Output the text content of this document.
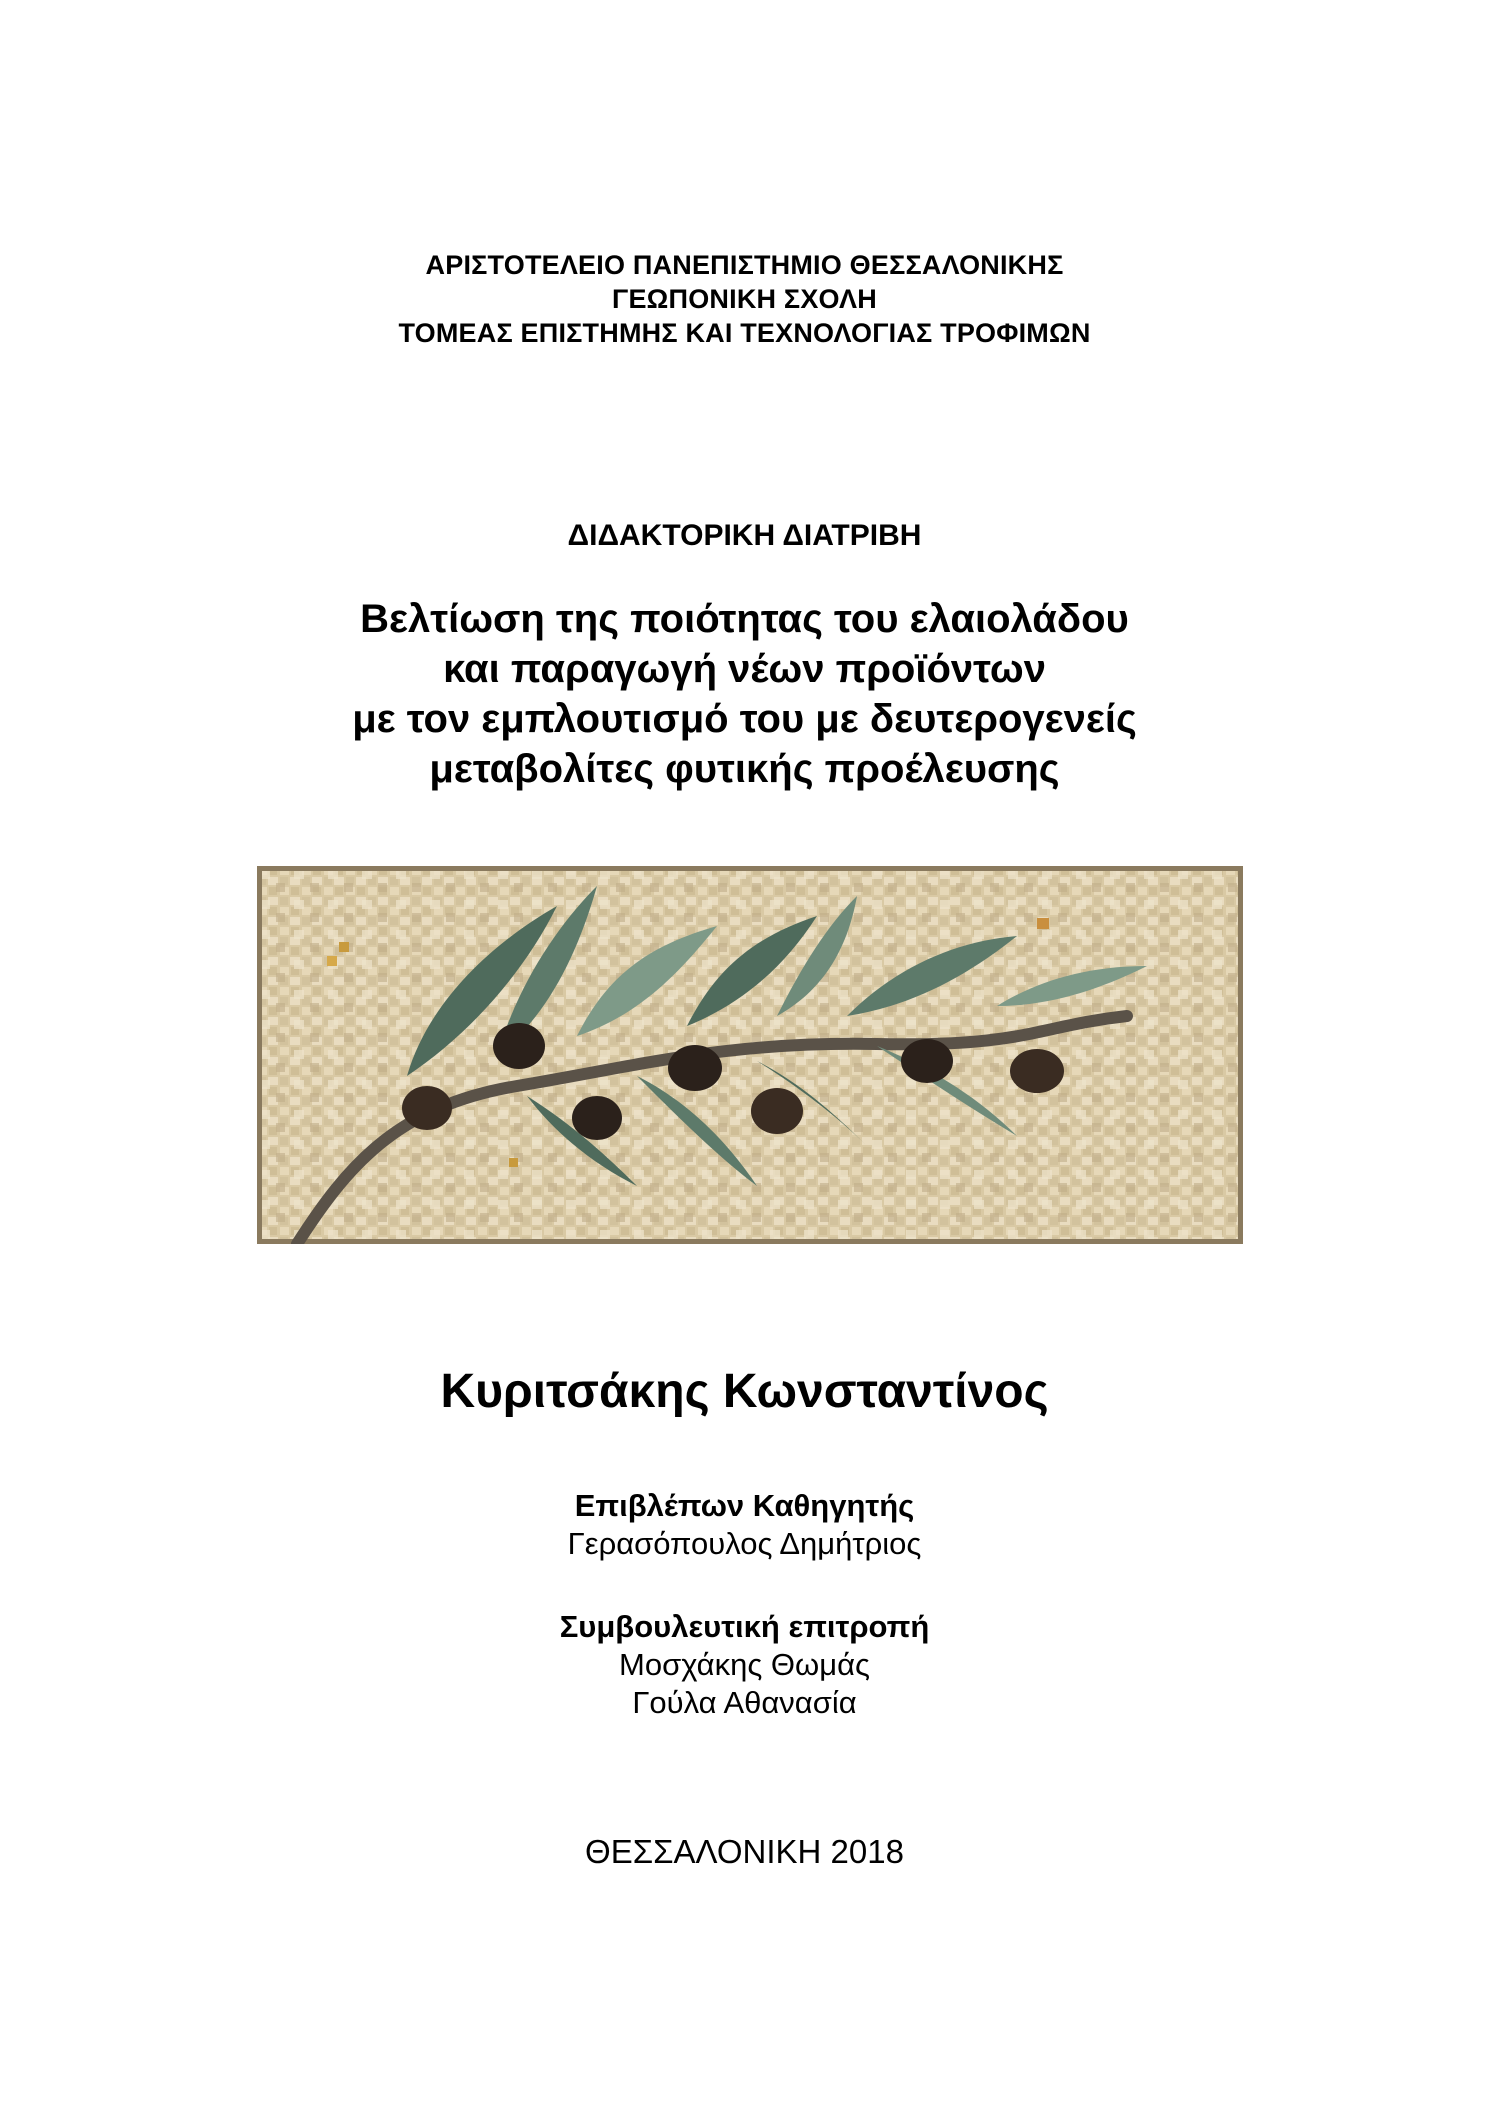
ΑΡΙΣΤΟΤΕΛΕΙΟ ΠΑΝΕΠΙΣΤΗΜΙΟ ΘΕΣΣΑΛΟΝΙΚΗΣ
ΓΕΩΠΟΝΙΚΗ ΣΧΟΛΗ
ΤΟΜΕΑΣ ΕΠΙΣΤΗΜΗΣ ΚΑΙ ΤΕΧΝΟΛΟΓΙΑΣ ΤΡΟΦΙΜΩΝ
ΔΙΔΑΚΤΟΡΙΚΗ ΔΙΑΤΡΙΒΗ
Βελτίωση της ποιότητας του ελαιολάδου
και παραγωγή νέων προϊόντων
με τον εμπλουτισμό του με δευτερογενείς
μεταβολίτες φυτικής προέλευσης
Κυριτσάκης Κωνσταντίνος
Επιβλέπων Καθηγητής
Γερασόπουλος Δημήτριος
Συμβουλευτική επιτροπή
Μοσχάκης Θωμάς
Γούλα Αθανασία
ΘΕΣΣΑΛΟΝΙΚΗ 2018
